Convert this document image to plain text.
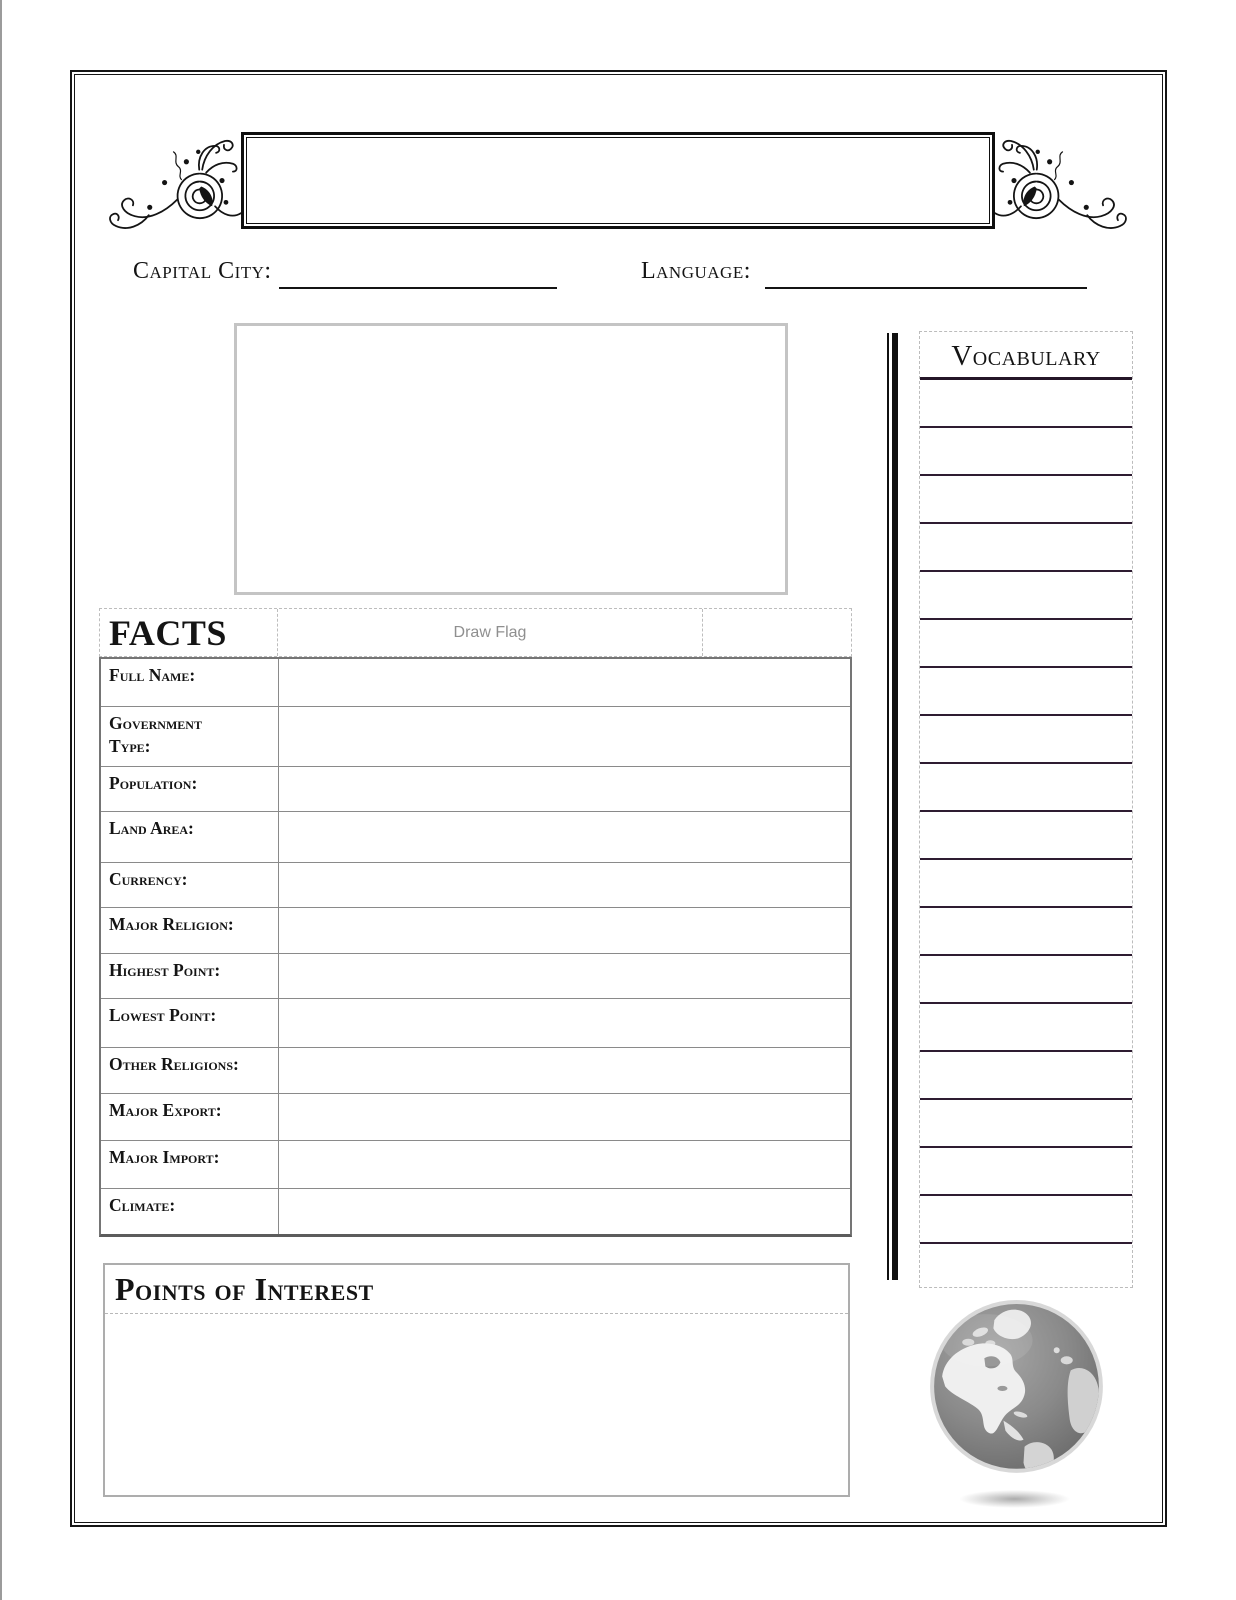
Capital City:	Language:
FACTS	Draw Flag
Full Name:
Government Type:
Population:
Land Area:
Currency:
Major Religion:
Highest Point:
Lowest Point:
Other Religions:
Major Export:
Major Import:
Climate:
Vocabulary
Points of Interest
